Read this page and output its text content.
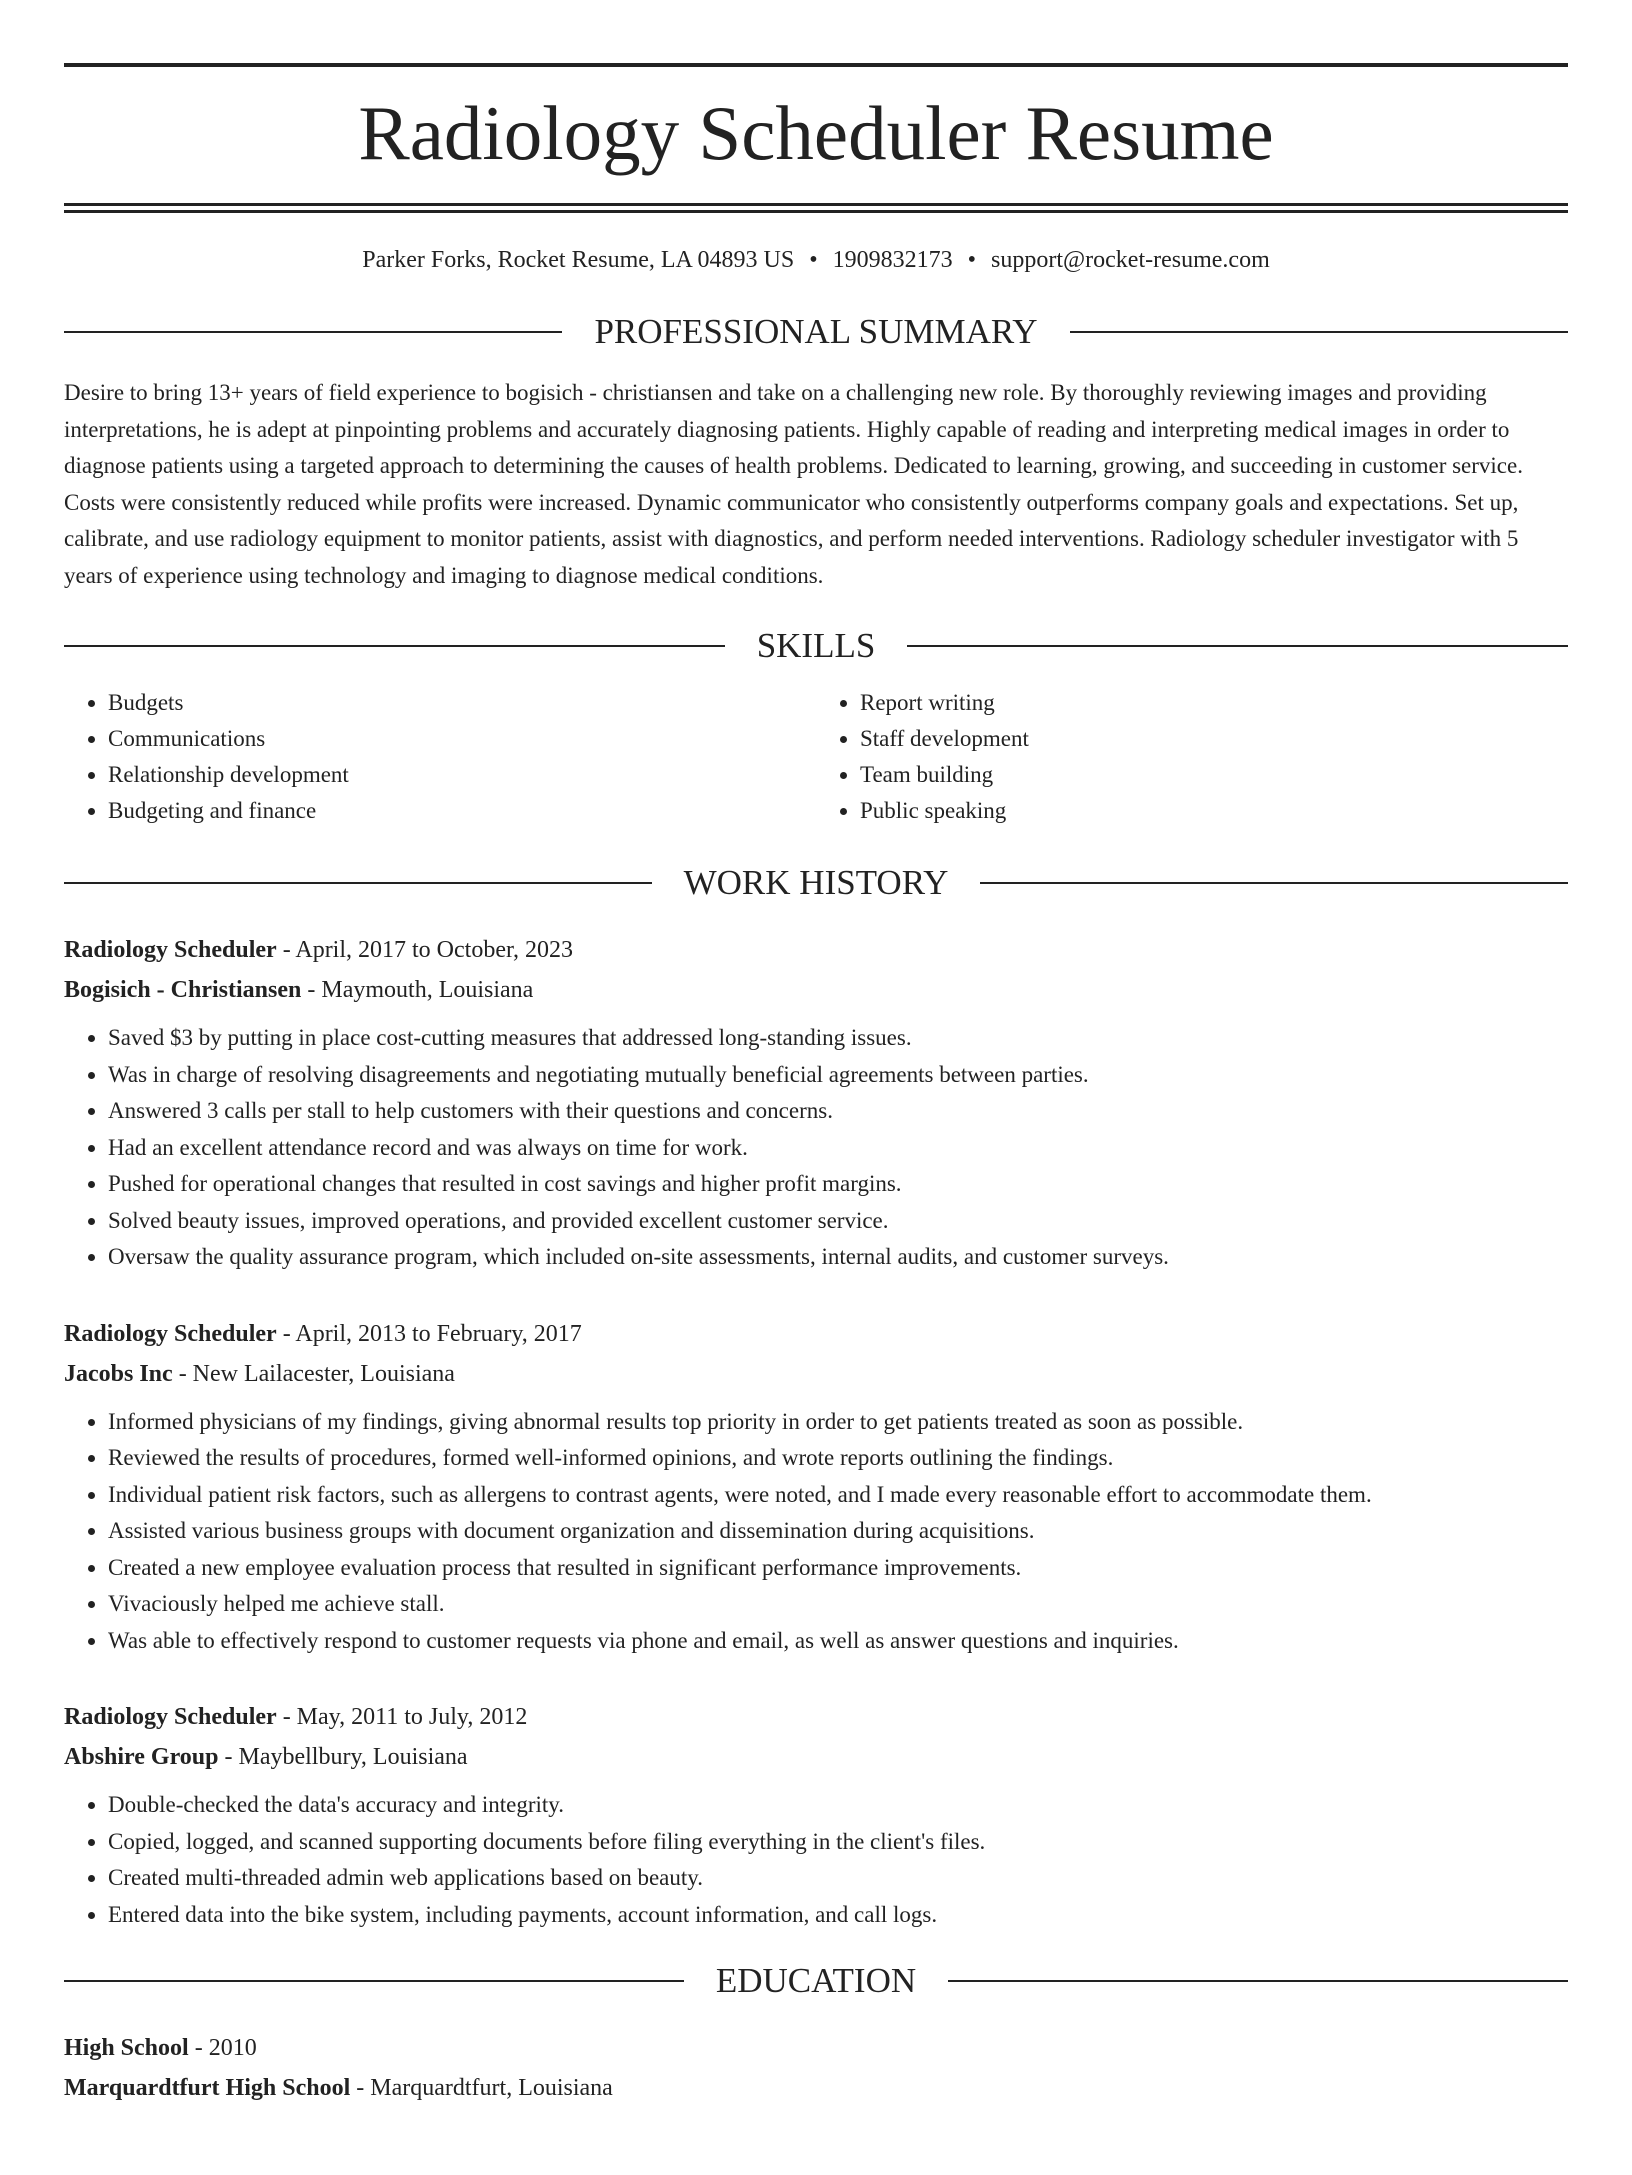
Radiology Scheduler Resume
Parker Forks, Rocket Resume, LA 04893 US • 1909832173 • support@rocket-resume.com
PROFESSIONAL SUMMARY

Desire to bring 13+ years of field experience to bogisich - christiansen and take on a challenging new role. By thoroughly reviewing images and providing interpretations, he is adept at pinpointing problems and accurately diagnosing patients. Highly capable of reading and interpreting medical images in order to diagnose patients using a targeted approach to determining the causes of health problems. Dedicated to learning, growing, and succeeding in customer service. Costs were consistently reduced while profits were increased. Dynamic communicator who consistently outperforms company goals and expectations. Set up, calibrate, and use radiology equipment to monitor patients, assist with diagnostics, and perform needed interventions. Radiology scheduler investigator with 5 years of experience using technology and imaging to diagnose medical conditions.

SKILLS
• Budgets
• Communications
• Relationship development
• Budgeting and finance
• Report writing
• Staff development
• Team building
• Public speaking
WORK HISTORY
Radiology Scheduler - April, 2017 to October, 2023
Bogisich - Christiansen - Maymouth, Louisiana
• Saved $3 by putting in place cost-cutting measures that addressed long-standing issues.
• Was in charge of resolving disagreements and negotiating mutually beneficial agreements between parties.
• Answered 3 calls per stall to help customers with their questions and concerns.
• Had an excellent attendance record and was always on time for work.
• Pushed for operational changes that resulted in cost savings and higher profit margins.
• Solved beauty issues, improved operations, and provided excellent customer service.
• Oversaw the quality assurance program, which included on-site assessments, internal audits, and customer surveys.
Radiology Scheduler - April, 2013 to February, 2017
Jacobs Inc - New Lailacester, Louisiana
• Informed physicians of my findings, giving abnormal results top priority in order to get patients treated as soon as possible.
• Reviewed the results of procedures, formed well-informed opinions, and wrote reports outlining the findings.
• Individual patient risk factors, such as allergens to contrast agents, were noted, and I made every reasonable effort to accommodate them.
• Assisted various business groups with document organization and dissemination during acquisitions.
• Created a new employee evaluation process that resulted in significant performance improvements.
• Vivaciously helped me achieve stall.
• Was able to effectively respond to customer requests via phone and email, as well as answer questions and inquiries.
Radiology Scheduler - May, 2011 to July, 2012
Abshire Group - Maybellbury, Louisiana
• Double-checked the data's accuracy and integrity.
• Copied, logged, and scanned supporting documents before filing everything in the client's files.
• Created multi-threaded admin web applications based on beauty.
• Entered data into the bike system, including payments, account information, and call logs.
EDUCATION
High School - 2010
Marquardtfurt High School - Marquardtfurt, Louisiana
